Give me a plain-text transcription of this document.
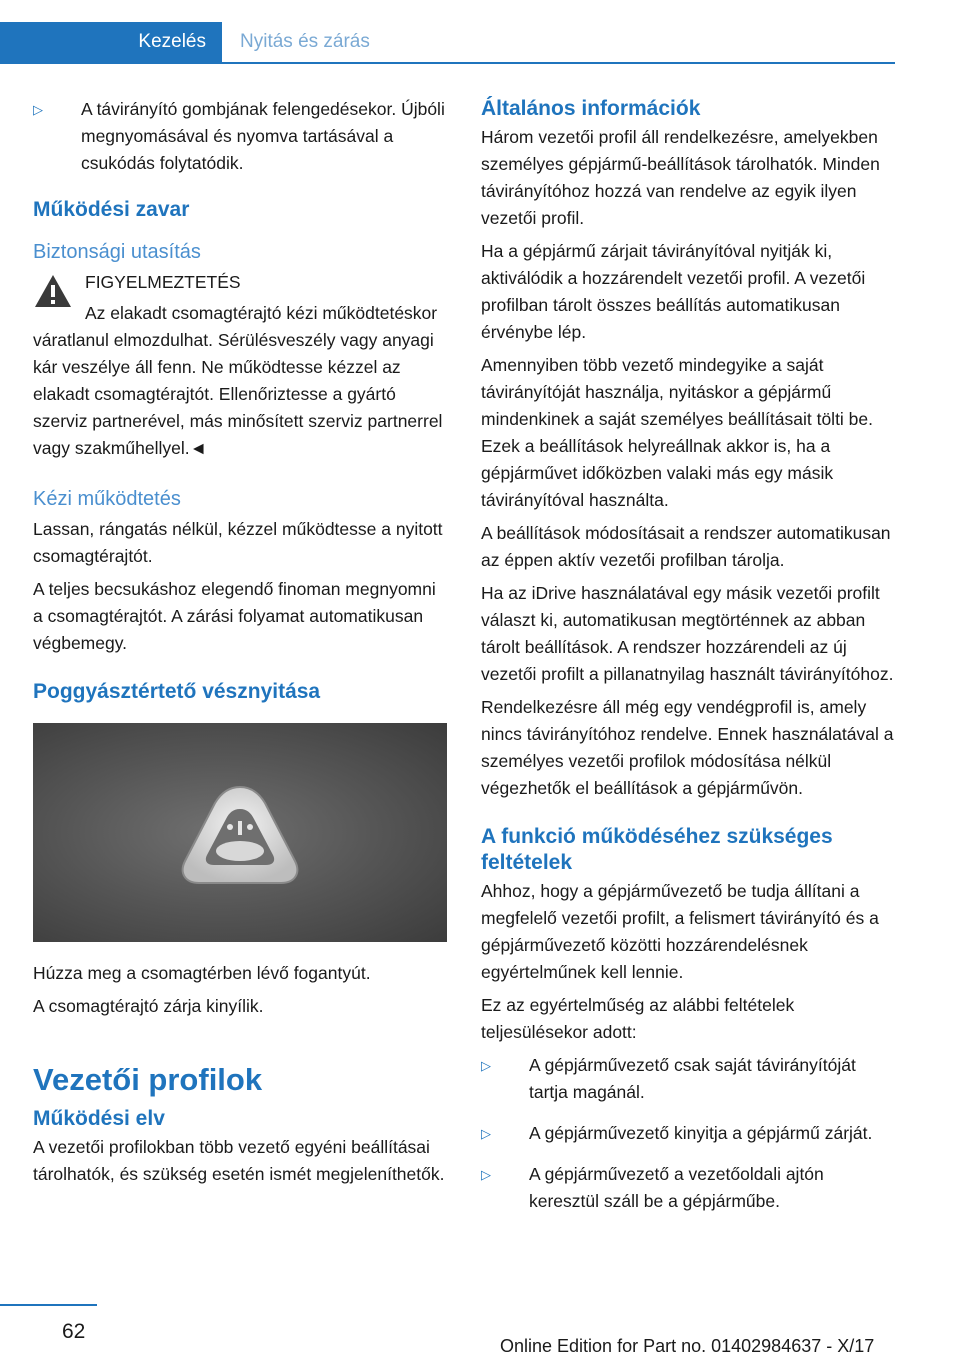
Kezelés Nyitás és zárás
▷ A távirányító gombjának felengedésekor. Újbóli megnyomásával és nyomva tartásával a csukódás folytatódik.
Működési zavar
Biztonsági utasítás

FIGYELMEZTETÉS

Az elakadt csomagtérajtó kézi működtetéskor váratlanul elmozdulhat. Sérülésveszély vagy anyagi kár veszélye áll fenn. Ne működtesse kézzel az elakadt csomagtérajtót. Ellenőriztesse a gyártó szerviz partnerével, más minősített szerviz partnerrel vagy szakműhellyel.◄

Kézi működtetés

Lassan, rángatás nélkül, kézzel működtesse a nyitott csomagtérajtót.

A teljes becsukáshoz elegendő finoman megnyomni a csomagtérajtót. A zárási folyamat automatikusan végbemegy.

Poggyásztértető vésznyitása

Húzza meg a csomagtérben lévő fogantyút.

A csomagtérajtó zárja kinyílik.

Vezetői profilok
Működési elv

A vezetői profilokban több vezető egyéni beállításai tárolhatók, és szükség esetén ismét megjeleníthetők.

Általános információk

Három vezetői profil áll rendelkezésre, amelyekben személyes gépjármű-beállítások tárolhatók. Minden távirányítóhoz hozzá van rendelve az egyik ilyen vezetői profil.

Ha a gépjármű zárjait távirányítóval nyitják ki, aktiválódik a hozzárendelt vezetői profil. A vezetői profilban tárolt összes beállítás automatikusan érvénybe lép.

Amennyiben több vezető mindegyike a saját távirányítóját használja, nyitáskor a gépjármű mindenkinek a saját személyes beállításait tölti be. Ezek a beállítások helyreállnak akkor is, ha a gépjárművet időközben valaki más egy másik távirányítóval használta.

A beállítások módosításait a rendszer automatikusan az éppen aktív vezetői profilban tárolja.

Ha az iDrive használatával egy másik vezetői profilt választ ki, automatikusan megtörténnek az abban tárolt beállítások. A rendszer hozzárendeli az új vezetői profilt a pillanatnyilag használt távirányítóhoz.

Rendelkezésre áll még egy vendégprofil is, amely nincs távirányítóhoz rendelve. Ennek használatával a személyes vezetői profilok módosítása nélkül végezhetők el beállítások a gépjárművön.

A funkció működéséhez szükséges feltételek

Ahhoz, hogy a gépjárművezető be tudja állítani a megfelelő vezetői profilt, a felismert távirányító és a gépjárművezető közötti hozzárendelésnek egyértelműnek kell lennie.

Ez az egyértelműség az alábbi feltételek teljesülésekor adott:

▷ A gépjárművezető csak saját távirányítóját tartja magánál.
▷ A gépjárművezető kinyitja a gépjármű zárját.
▷ A gépjárművezető a vezetőoldali ajtón keresztül száll be a gépjárműbe.
62
Online Edition for Part no. 01402984637 - X/17
